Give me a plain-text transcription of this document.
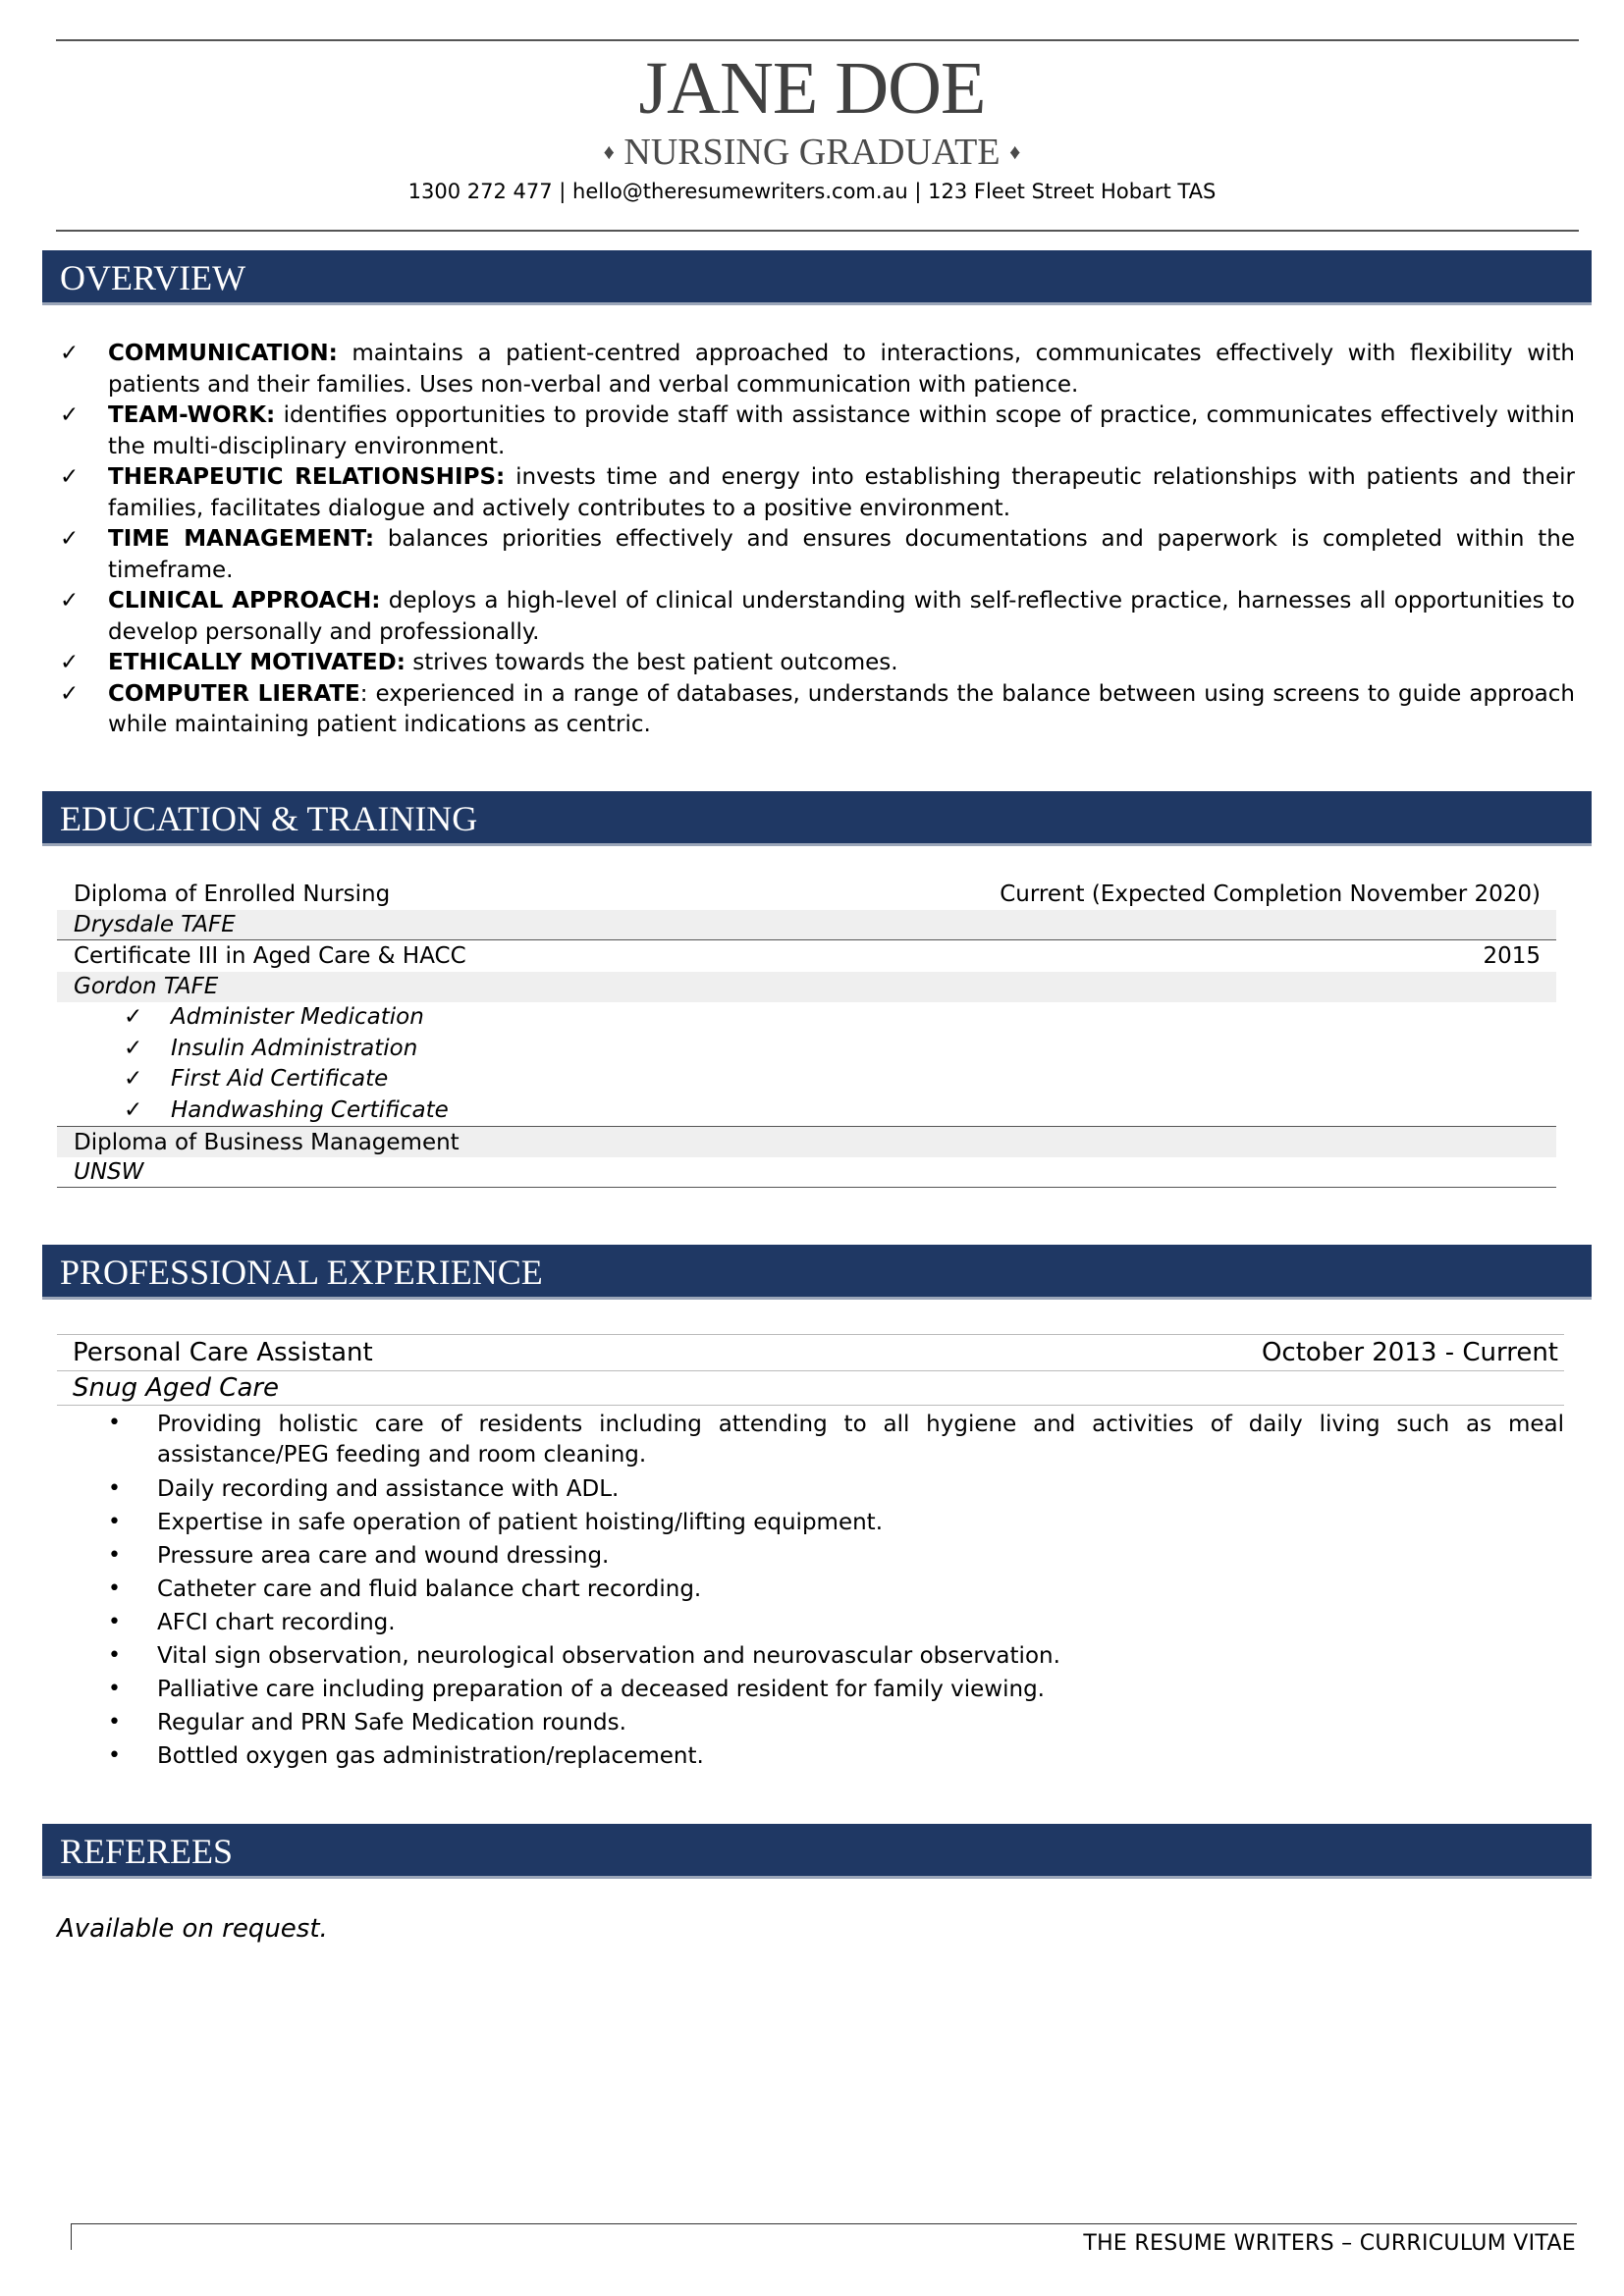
JANE DOE
♦ NURSING GRADUATE ♦
1300 272 477 | hello@theresumewriters.com.au | 123 Fleet Street Hobart TAS
OVERVIEW
✓ COMMUNICATION: maintains a patient-centred approached to interactions, communicates effectively with flexibility with patients and their families. Uses non-verbal and verbal communication with patience.
✓ TEAM-WORK: identifies opportunities to provide staff with assistance within scope of practice, communicates effectively within the multi-disciplinary environment.
✓ THERAPEUTIC RELATIONSHIPS: invests time and energy into establishing therapeutic relationships with patients and their families, facilitates dialogue and actively contributes to a positive environment.
✓ TIME MANAGEMENT: balances priorities effectively and ensures documentations and paperwork is completed within the timeframe.
✓ CLINICAL APPROACH: deploys a high-level of clinical understanding with self-reflective practice, harnesses all opportunities to develop personally and professionally.
✓ ETHICALLY MOTIVATED: strives towards the best patient outcomes.
✓ COMPUTER LIERATE: experienced in a range of databases, understands the balance between using screens to guide approach while maintaining patient indications as centric.
EDUCATION & TRAINING
Diploma of Enrolled Nursing	Current (Expected Completion November 2020)
Drysdale TAFE
Certificate III in Aged Care & HACC	2015
Gordon TAFE
✓ Administer Medication
✓ Insulin Administration
✓ First Aid Certificate
✓ Handwashing Certificate
Diploma of Business Management
UNSW
PROFESSIONAL EXPERIENCE
Personal Care Assistant	October 2013 - Current
Snug Aged Care
• Providing holistic care of residents including attending to all hygiene and activities of daily living such as meal assistance/PEG feeding and room cleaning.
• Daily recording and assistance with ADL.
• Expertise in safe operation of patient hoisting/lifting equipment.
• Pressure area care and wound dressing.
• Catheter care and fluid balance chart recording.
• AFCI chart recording.
• Vital sign observation, neurological observation and neurovascular observation.
• Palliative care including preparation of a deceased resident for family viewing.
• Regular and PRN Safe Medication rounds.
• Bottled oxygen gas administration/replacement.
REFEREES
Available on request.
THE RESUME WRITERS – CURRICULUM VITAE
